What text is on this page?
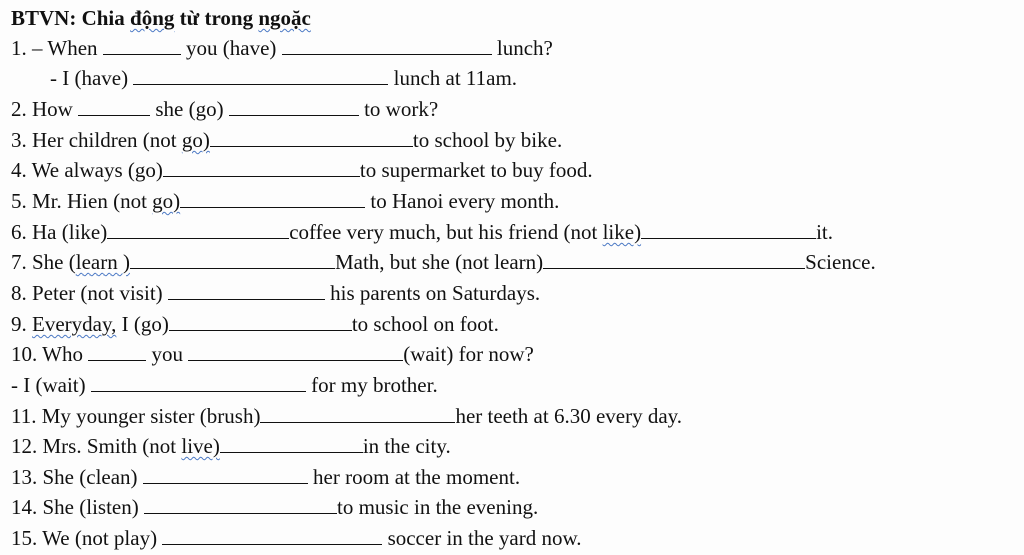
BTVN: Chia động từ trong ngoặc
1. – When	you (have)	lunch?
- I (have)	lunch at 11am.
2. How	she (go)	to work?
3. Her children (not go)	to school by bike.
4. We always (go)	to supermarket to buy food.
5. Mr. Hien (not go)	to Hanoi every month.
6. Ha (like)	coffee very much, but his friend (not like)	it.
7. She (learn )	Math, but she (not learn)	Science.
8. Peter (not visit)	his parents on Saturdays.
9. Everyday, I (go)	to school on foot.
10. Who	you	(wait) for now?
- I (wait)	for my brother.
11. My younger sister (brush)	her teeth at 6.30 every day.
12. Mrs. Smith (not live)	in the city.
13. She (clean)	her room at the moment.
14. She (listen)	to music in the evening.
15. We (not play)	soccer in the yard now.
